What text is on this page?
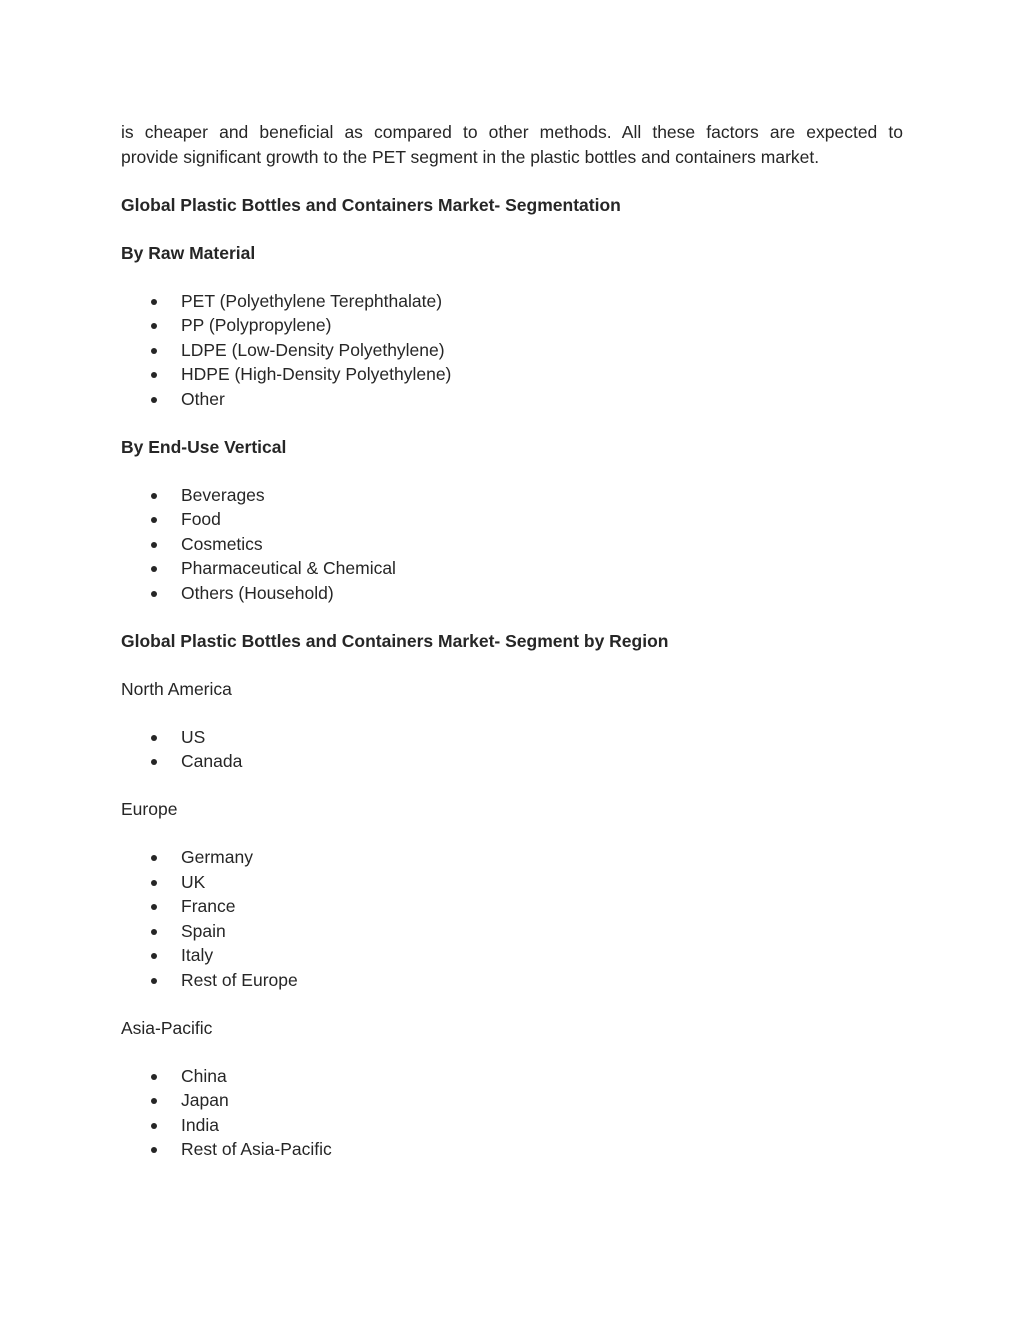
is cheaper and beneficial as compared to other methods. All these factors are expected to
provide significant growth to the PET segment in the plastic bottles and containers market.

Global Plastic Bottles and Containers Market- Segmentation

By Raw Material

PET (Polyethylene Terephthalate)
PP (Polypropylene)
LDPE (Low-Density Polyethylene)
HDPE (High-Density Polyethylene)
Other

By End-Use Vertical

Beverages
Food
Cosmetics
Pharmaceutical & Chemical
Others (Household)

Global Plastic Bottles and Containers Market- Segment by Region

North America

US
Canada

Europe

Germany
UK
France
Spain
Italy
Rest of Europe

Asia-Pacific

China
Japan
India
Rest of Asia-Pacific
